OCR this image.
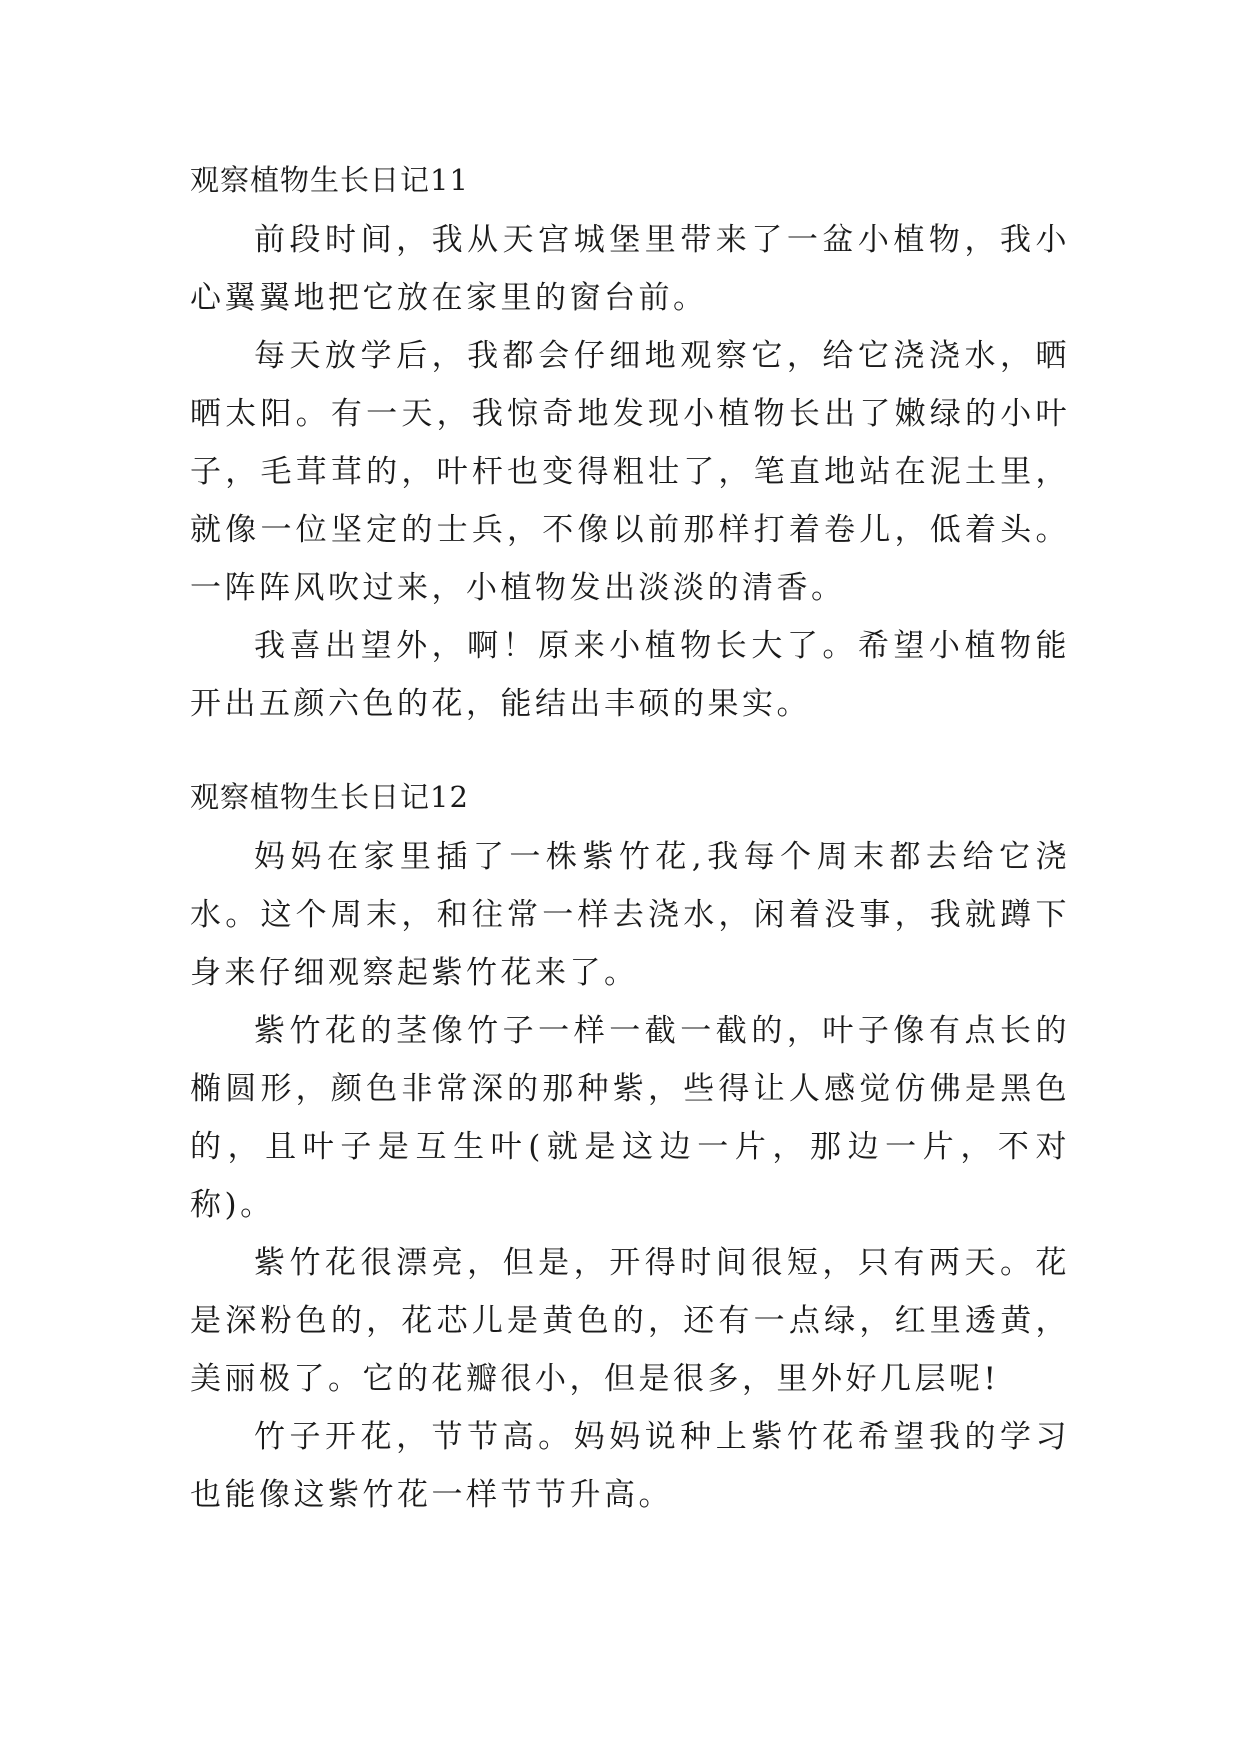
观察植物生长日记11

前段时间，我从天宫城堡里带来了一盆小植物，我小心翼翼地把它放在家里的窗台前。

每天放学后，我都会仔细地观察它，给它浇浇水，晒晒太阳。有一天，我惊奇地发现小植物长出了嫩绿的小叶子，毛茸茸的，叶杆也变得粗壮了，笔直地站在泥土里，就像一位坚定的士兵，不像以前那样打着卷儿，低着头。一阵阵风吹过来，小植物发出淡淡的清香。

我喜出望外，啊！原来小植物长大了。希望小植物能开出五颜六色的花，能结出丰硕的果实。

观察植物生长日记12

妈妈在家里插了一株紫竹花,我每个周末都去给它浇水。这个周末，和往常一样去浇水，闲着没事，我就蹲下身来仔细观察起紫竹花来了。

紫竹花的茎像竹子一样一截一截的，叶子像有点长的椭圆形，颜色非常深的那种紫，些得让人感觉仿佛是黑色的，且叶子是互生叶(就是这边一片，那边一片，不对称)。

紫竹花很漂亮，但是，开得时间很短，只有两天。花是深粉色的，花芯儿是黄色的，还有一点绿，红里透黄，美丽极了。它的花瓣很小，但是很多，里外好几层呢!

竹子开花，节节高。妈妈说种上紫竹花希望我的学习也能像这紫竹花一样节节升高。
